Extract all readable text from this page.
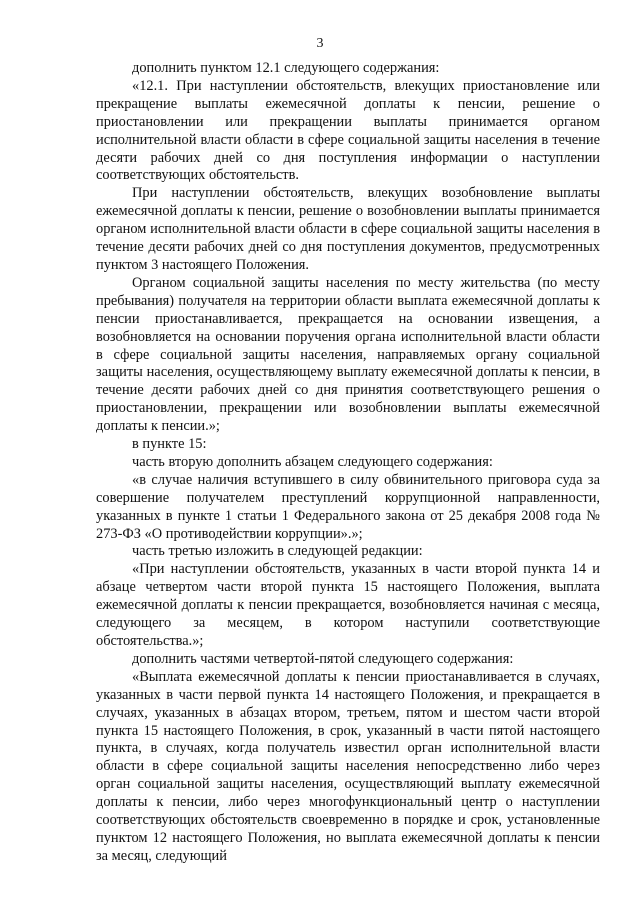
3

дополнить пунктом 12.1 следующего содержания:

«12.1. При наступлении обстоятельств, влекущих приостановление или прекращение выплаты ежемесячной доплаты к пенсии, решение о приостановлении или прекращении выплаты принимается органом исполнительной власти области в сфере социальной защиты населения в течение десяти рабочих дней со дня поступления информации о наступлении соответствующих обстоятельств.

При наступлении обстоятельств, влекущих возобновление выплаты ежемесячной доплаты к пенсии, решение о возобновлении выплаты принимается органом исполнительной власти области в сфере социальной защиты населения в течение десяти рабочих дней со дня поступления документов, предусмотренных пунктом 3 настоящего Положения.

Органом социальной защиты населения по месту жительства (по месту пребывания) получателя на территории области выплата ежемесячной доплаты к пенсии приостанавливается, прекращается на основании извещения, а возобновляется на основании поручения органа исполнительной власти области в сфере социальной защиты населения, направляемых органу социальной защиты населения, осуществляющему выплату ежемесячной доплаты к пенсии, в течение десяти рабочих дней со дня принятия соответствующего решения о приостановлении, прекращении или возобновлении выплаты ежемесячной доплаты к пенсии.»;

в пункте 15:

часть вторую дополнить абзацем следующего содержания:

«в случае наличия вступившего в силу обвинительного приговора суда за совершение получателем преступлений коррупционной направленности, указанных в пункте 1 статьи 1 Федерального закона от 25 декабря 2008 года № 273-ФЗ «О противодействии коррупции».»;

часть третью изложить в следующей редакции:

«При наступлении обстоятельств, указанных в части второй пункта 14 и абзаце четвертом части второй пункта 15 настоящего Положения, выплата ежемесячной доплаты к пенсии прекращается, возобновляется начиная с месяца, следующего за месяцем, в котором наступили соответствующие обстоятельства.»;

дополнить частями четвертой-пятой следующего содержания:

«Выплата ежемесячной доплаты к пенсии приостанавливается в случаях, указанных в части первой пункта 14 настоящего Положения, и прекращается в случаях, указанных в абзацах втором, третьем, пятом и шестом части второй пункта 15 настоящего Положения, в срок, указанный в части пятой настоящего пункта, в случаях, когда получатель известил орган исполнительной власти области в сфере социальной защиты населения непосредственно либо через орган социальной защиты населения, осуществляющий выплату ежемесячной доплаты к пенсии, либо через многофункциональный центр о наступлении соответствующих обстоятельств своевременно в порядке и срок, установленные пунктом 12 настоящего Положения, но выплата ежемесячной доплаты к пенсии за месяц, следующий
